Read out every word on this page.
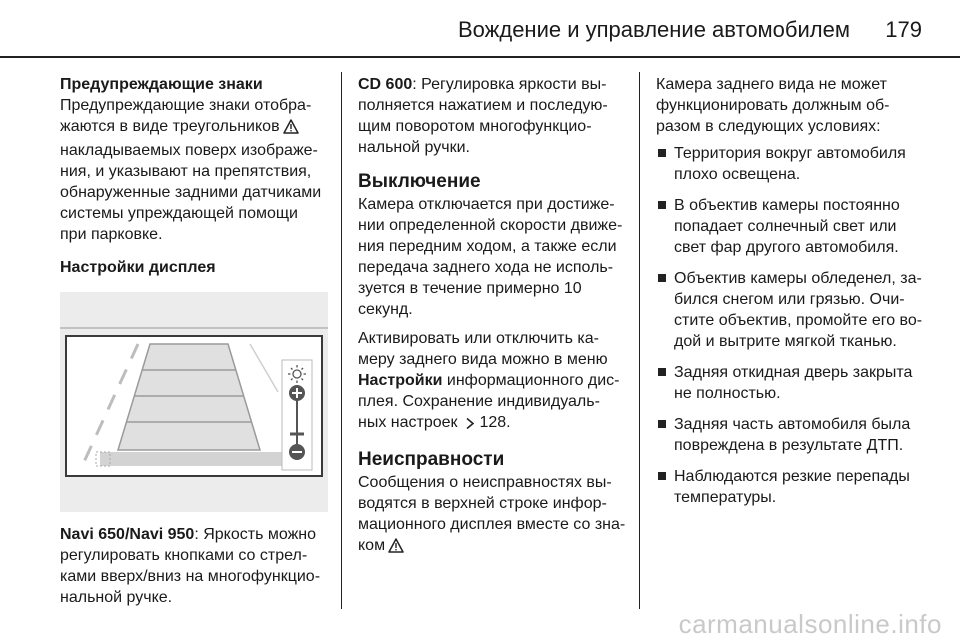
Вождение и управление автомобилем 179

Предупреждающие знаки

Предупреждающие знаки отобра-жаются в виде треугольников накладываемых поверх изображе-ния, и указывают на препятствия, обнаруженные задними датчиками системы упреждающей помощи при парковке.

Настройки дисплея

Navi 650/Navi 950: Яркость можно регулировать кнопками со стрел-ками вверх/вниз на многофункцио-нальной ручке.

CD 600: Регулировка яркости вы-полняется нажатием и последую-щим поворотом многофункцио-нальной ручки.

Выключение

Камера отключается при достиже-нии определенной скорости движе-ния передним ходом, а также если передача заднего хода не исполь-зуется в течение примерно 10 секунд.

Активировать или отключить ка-меру заднего вида можно в меню Настройки информационного дис-плея. Сохранение индивидуаль-ных настроек 128.

Неисправности

Сообщения о неисправностях вы-водятся в верхней строке инфор-мационного дисплея вместе со зна-ком

Камера заднего вида не может функционировать должным об-разом в следующих условиях:

Территория вокруг автомобиля плохо освещена.
В объектив камеры постоянно попадает солнечный свет или свет фар другого автомобиля.
Объектив камеры обледенел, за-бился снегом или грязью. Очи-стите объектив, промойте его во-дой и вытрите мягкой тканью.
Задняя откидная дверь закрыта не полностью.
Задняя часть автомобиля была повреждена в результате ДТП.
Наблюдаются резкие перепады температуры.
carmanualsonline.info
